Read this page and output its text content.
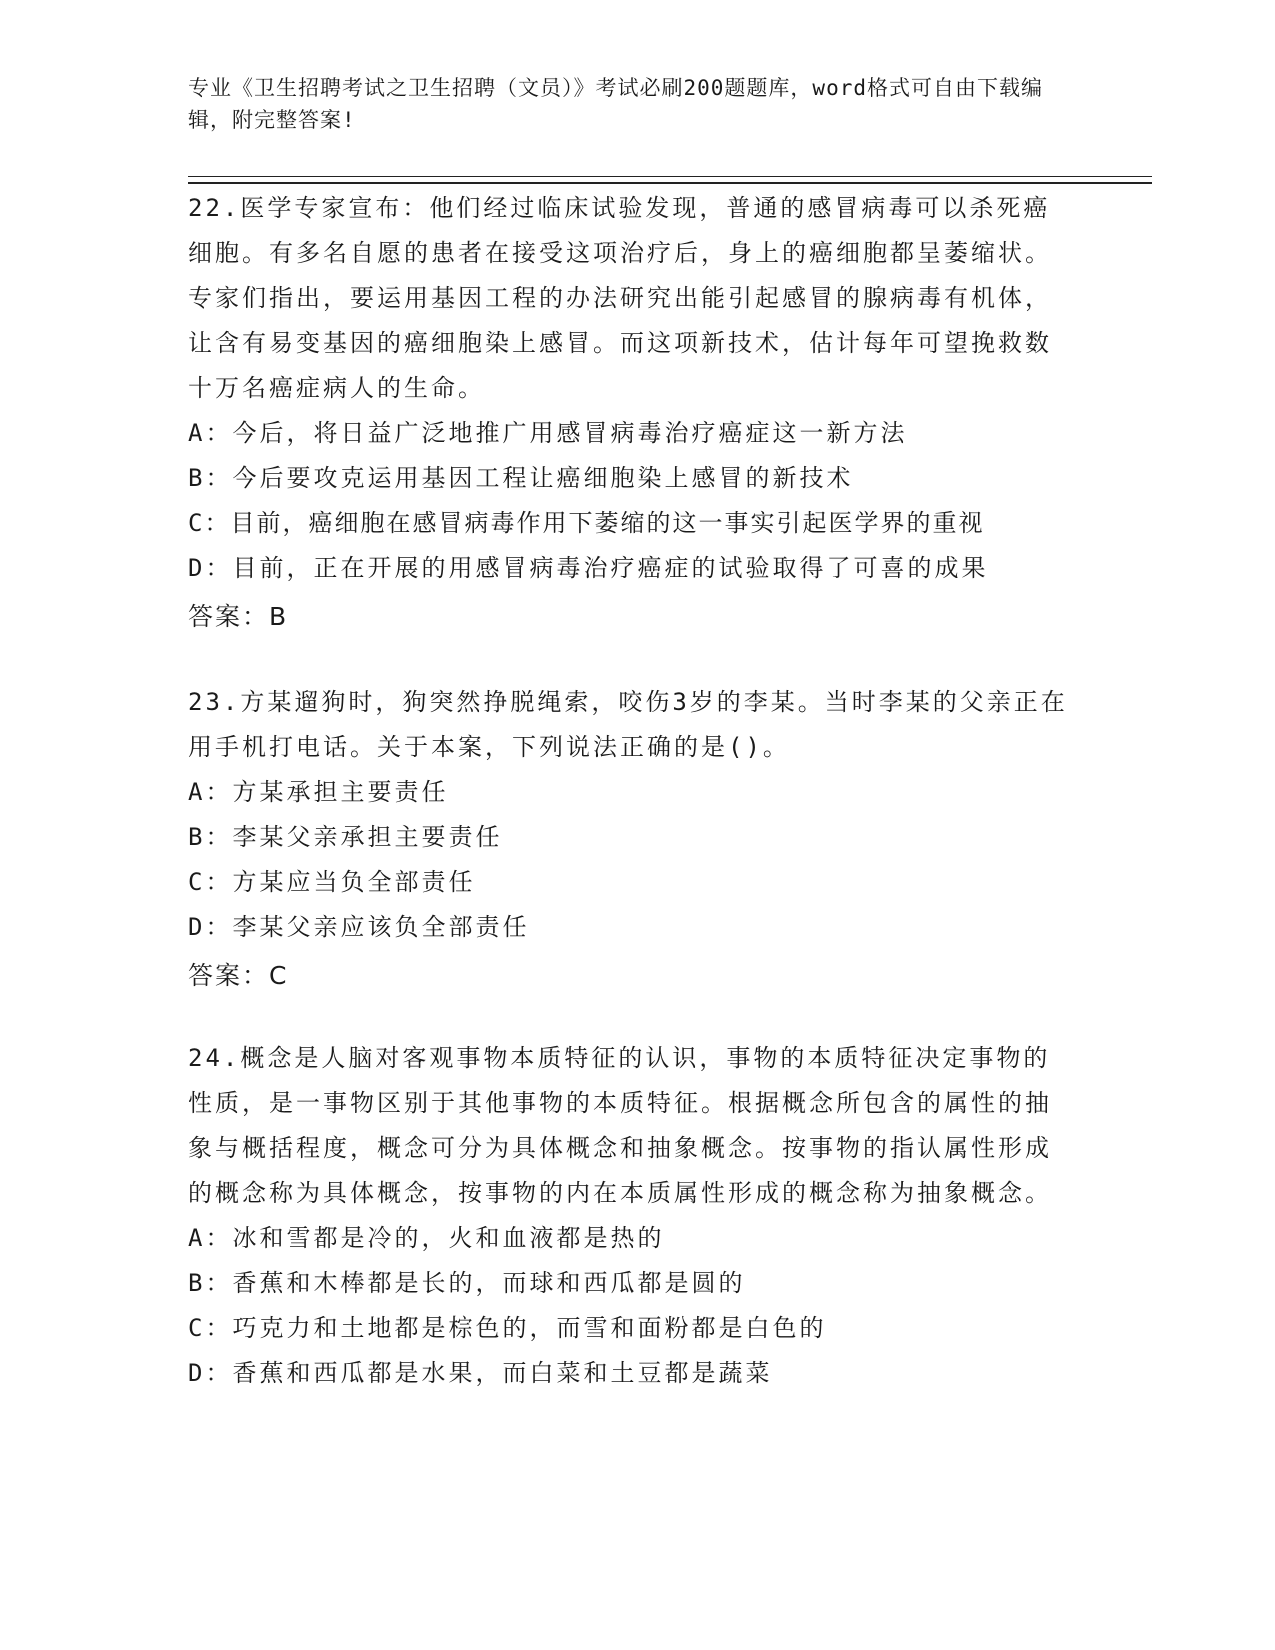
专业《卫生招聘考试之卫生招聘（文员）》考试必刷200题题库，word格式可自由下载编辑，附完整答案!

22.医学专家宣布：他们经过临床试验发现，普通的感冒病毒可以杀死癌细胞。有多名自愿的患者在接受这项治疗后，身上的癌细胞都呈萎缩状。专家们指出，要运用基因工程的办法研究出能引起感冒的腺病毒有机体，让含有易变基因的癌细胞染上感冒。而这项新技术，估计每年可望挽救数十万名癌症病人的生命。

A：今后，将日益广泛地推广用感冒病毒治疗癌症这一新方法

B：今后要攻克运用基因工程让癌细胞染上感冒的新技术

C：目前，癌细胞在感冒病毒作用下萎缩的这一事实引起医学界的重视

D：目前，正在开展的用感冒病毒治疗癌症的试验取得了可喜的成果

答案：B

23.方某遛狗时，狗突然挣脱绳索，咬伤3岁的李某。当时李某的父亲正在用手机打电话。关于本案，下列说法正确的是()。

A：方某承担主要责任

B：李某父亲承担主要责任

C：方某应当负全部责任

D：李某父亲应该负全部责任

答案：C

24.概念是人脑对客观事物本质特征的认识，事物的本质特征决定事物的性质，是一事物区别于其他事物的本质特征。根据概念所包含的属性的抽象与概括程度，概念可分为具体概念和抽象概念。按事物的指认属性形成的概念称为具体概念，按事物的内在本质属性形成的概念称为抽象概念。

A：冰和雪都是冷的，火和血液都是热的

B：香蕉和木棒都是长的，而球和西瓜都是圆的

C：巧克力和土地都是棕色的，而雪和面粉都是白色的

D：香蕉和西瓜都是水果，而白菜和土豆都是蔬菜
